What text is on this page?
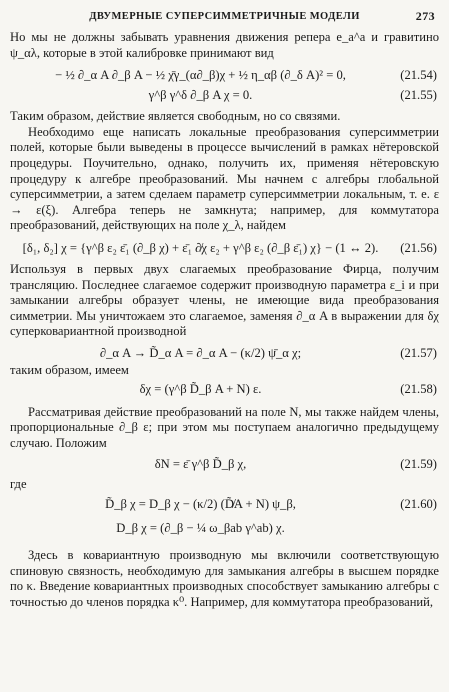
ДВУМЕРНЫЕ СУПЕРСИММЕТРИЧНЫЕ МОДЕЛИ	273

Но мы не должны забывать уравнения движения репера e_a^a и гравитино ψ_αλ, которые в этой калибровке принимают вид

− ½ ∂_α A ∂_β A − ½ χ̄γ_(α∂_β)χ + ½ η_αβ (∂_δ A)² = 0,	(21.54)
γ^β γ^δ ∂_β A χ = 0.	(21.55)

Таким образом, действие является свободным, но со связями.

Необходимо еще написать локальные преобразования суперсимметрии полей, которые были выведены в процессе вычислений в рамках нётеровской процедуры. Поучительно, однако, получить их, применяя нётеровскую процедуру к алгебре преобразований. Мы начнем с алгебры глобальной суперсимметрии, а затем сделаем параметр суперсимметрии локальным, т. е. ε → ε(ξ). Алгебра теперь не замкнута; например, для коммутатора преобразований, действующих на поле χ_λ, найдем

[δ₁, δ₂] χ = {γ^β ε₂ ε̄₁ (∂_β χ) + ε̄₁ ∂̸χ ε₂ + γ^β ε₂ (∂_β ε̄₁) χ} − (1 ↔ 2).	(21.56)

Используя в первых двух слагаемых преобразование Фирца, получим трансляцию. Последнее слагаемое содержит производную параметра ε_i и при замыкании алгебры образует члены, не имеющие вида преобразования симметрии. Мы уничтожаем это слагаемое, заменяя ∂_α A в выражении для δχ суперковариантной производной

∂_α A → D̃_α A = ∂_α A − (κ/2) ψ̄_α χ;	(21.57)

таким образом, имеем

δχ = (γ^β D̃_β A + N) ε.	(21.58)

Рассматривая действие преобразований на поле N, мы также найдем члены, пропорциональные ∂_β ε; при этом мы поступаем аналогично предыдущему случаю. Положим

δN = ε̄ γ^β D̃_β χ,	(21.59)

где

D̃_β χ = D_β χ − (κ/2) (D̸̃A + N) ψ_β,	(21.60)
D_β χ = (∂_β − ¼ ω_βab γ^ab) χ.

Здесь в ковариантную производную мы включили соответствующую спиновую связность, необходимую для замыкания алгебры в высшем порядке по κ. Введение ковариантных производных способствует замыканию алгебры с точностью до членов порядка κ⁰. Например, для коммутатора преобразований,
